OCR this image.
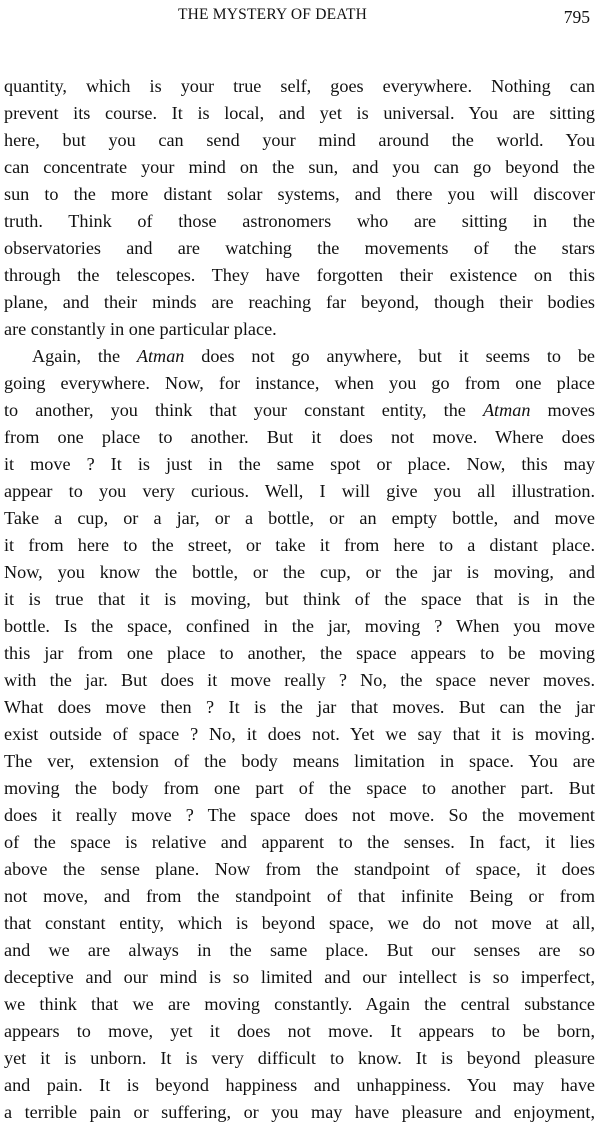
THE MYSTERY OF DEATH	795
quantity, which is your true self, goes everywhere. Nothing can
prevent its course. It is local, and yet is universal. You are sitting
here, but you can send your mind around the world. You
can concentrate your mind on the sun, and you can go beyond the
sun to the more distant solar systems, and there you will discover
truth. Think of those astronomers who are sitting in the
observatories and are watching the movements of the stars
through the telescopes. They have forgotten their existence on this
plane, and their minds are reaching far beyond, though their bodies
are constantly in one particular place.
Again, the Atman does not go anywhere, but it seems to be
going everywhere. Now, for instance, when you go from one place
to another, you think that your constant entity, the Atman moves
from one place to another. But it does not move. Where does
it move ? It is just in the same spot or place. Now, this may
appear to you very curious. Well, I will give you all illustration.
Take a cup, or a jar, or a bottle, or an empty bottle, and move
it from here to the street, or take it from here to a distant place.
Now, you know the bottle, or the cup, or the jar is moving, and
it is true that it is moving, but think of the space that is in the
bottle. Is the space, confined in the jar, moving ? When you move
this jar from one place to another, the space appears to be moving
with the jar. But does it move really ? No, the space never moves.
What does move then ? It is the jar that moves. But can the jar
exist outside of space ? No, it does not. Yet we say that it is moving.
The ver, extension of the body means limitation in space. You are
moving the body from one part of the space to another part. But
does it really move ? The space does not move. So the movement
of the space is relative and apparent to the senses. In fact, it lies
above the sense plane. Now from the standpoint of space, it does
not move, and from the standpoint of that infinite Being or from
that constant entity, which is beyond space, we do not move at all,
and we are always in the same place. But our senses are so
deceptive and our mind is so limited and our intellect is so imperfect,
we think that we are moving constantly. Again the central substance
appears to move, yet it does not move. It appears to be born,
yet it is unborn. It is very difficult to know. It is beyond pleasure
and pain. It is beyond happiness and unhappiness. You may have
a terrible pain or suffering, or you may have pleasure and enjoyment,
